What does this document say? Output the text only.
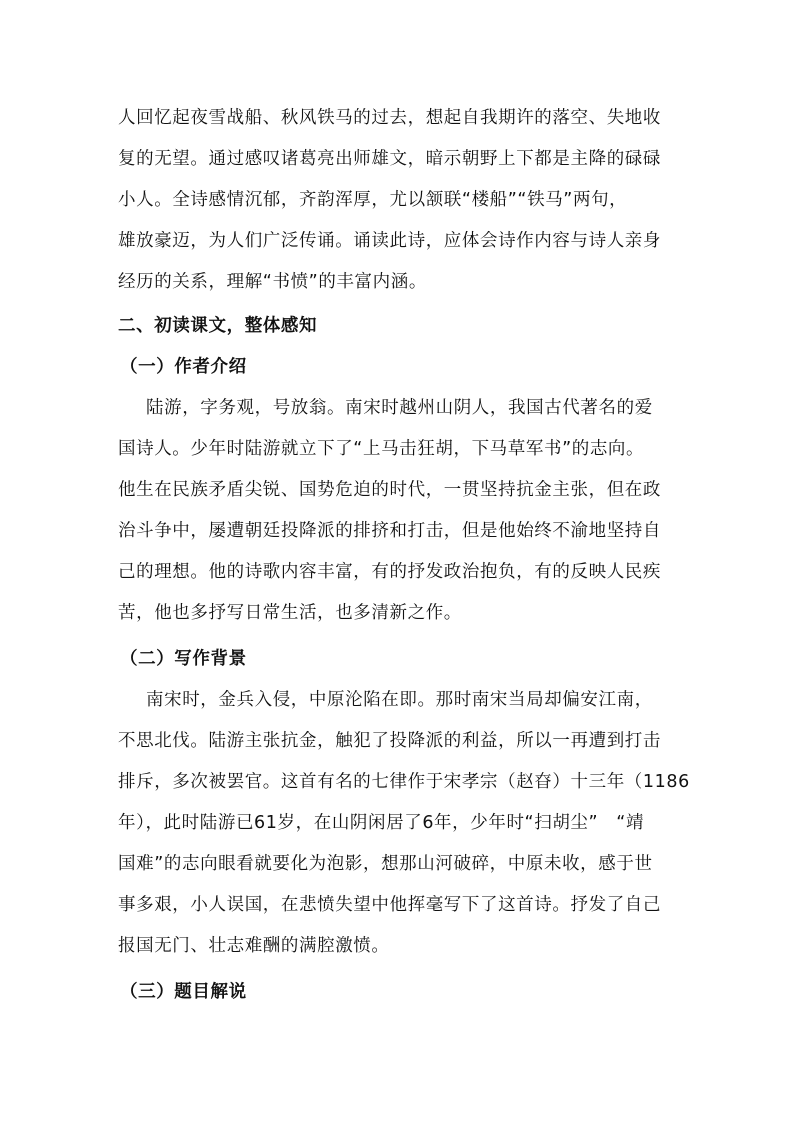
人回忆起夜雪战船、秋风铁马的过去，想起自我期许的落空、失地收
复的无望。通过感叹诸葛亮出师雄文，暗示朝野上下都是主降的碌碌
小人。全诗感情沉郁，齐韵浑厚，尤以颔联“楼船”“铁马”两句，
雄放豪迈，为人们广泛传诵。诵读此诗，应体会诗作内容与诗人亲身
经历的关系，理解“书愤”的丰富内涵。
二、初读课文，整体感知
（一）作者介绍
陆游，字务观，号放翁。南宋时越州山阴人，我国古代著名的爱
国诗人。少年时陆游就立下了“上马击狂胡，下马草军书”的志向。
他生在民族矛盾尖锐、国势危迫的时代，一贯坚持抗金主张，但在政
治斗争中，屡遭朝廷投降派的排挤和打击，但是他始终不渝地坚持自
己的理想。他的诗歌内容丰富，有的抒发政治抱负，有的反映人民疾
苦，他也多抒写日常生活，也多清新之作。
（二）写作背景
南宋时，金兵入侵，中原沦陷在即。那时南宋当局却偏安江南，
不思北伐。陆游主张抗金，触犯了投降派的利益，所以一再遭到打击
排斥，多次被罢官。这首有名的七律作于宋孝宗（赵昚）十三年（1186
年），此时陆游已61岁，在山阴闲居了6年，少年时“扫胡尘”　“靖
国难”的志向眼看就要化为泡影，想那山河破碎，中原未收，感于世
事多艰，小人误国，在悲愤失望中他挥毫写下了这首诗。抒发了自己
报国无门、壮志难酬的满腔激愤。
（三）题目解说
